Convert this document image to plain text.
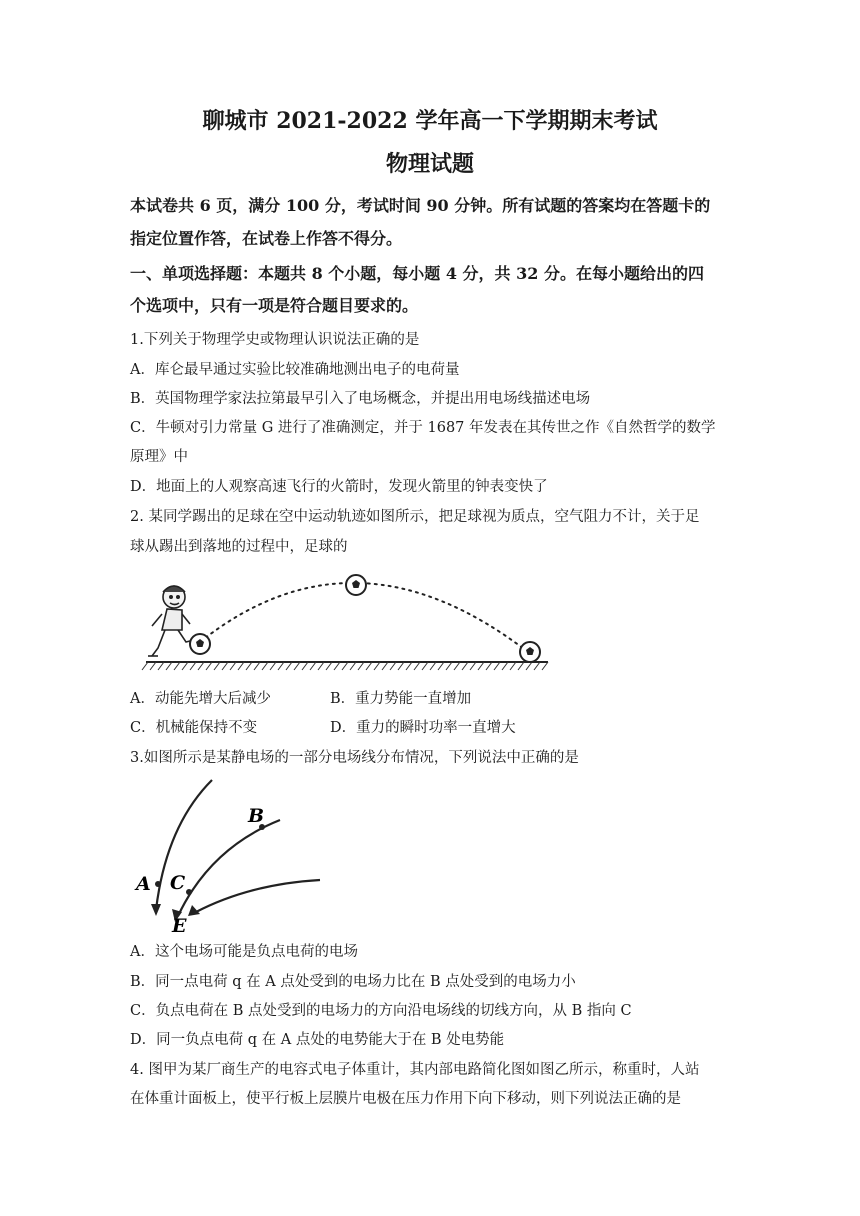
聊城市 2021-2022 学年高一下学期期末考试
物理试题
本试卷共 6 页，满分 100 分，考试时间 90 分钟。所有试题的答案均在答题卡的
指定位置作答，在试卷上作答不得分。
一、单项选择题：本题共 8 个小题，每小题 4 分，共 32 分。在每小题给出的四
个选项中，只有一项是符合题目要求的。
1.下列关于物理学史或物理认识说法正确的是
A．库仑最早通过实验比较准确地测出电子的电荷量
B．英国物理学家法拉第最早引入了电场概念，并提出用电场线描述电场
C．牛顿对引力常量 G 进行了准确测定，并于 1687 年发表在其传世之作《自然哲学的数学
原理》中
D．地面上的人观察高速飞行的火箭时，发现火箭里的钟表变快了
2. 某同学踢出的足球在空中运动轨迹如图所示，把足球视为质点，空气阻力不计，关于足
球从踢出到落地的过程中，足球的
A．动能先增大后减少	B．重力势能一直增加
C．机械能保持不变	D．重力的瞬时功率一直增大
3.如图所示是某静电场的一部分电场线分布情况，下列说法中正确的是
A C
B
E
A．这个电场可能是负点电荷的电场
B．同一点电荷 q 在 A 点处受到的电场力比在 B 点处受到的电场力小
C．负点电荷在 B 点处受到的电场力的方向沿电场线的切线方向，从 B 指向 C
D．同一负点电荷 q 在 A 点处的电势能大于在 B 处电势能
4. 图甲为某厂商生产的电容式电子体重计，其内部电路简化图如图乙所示，称重时，人站
在体重计面板上，使平行板上层膜片电极在压力作用下向下移动，则下列说法正确的是
